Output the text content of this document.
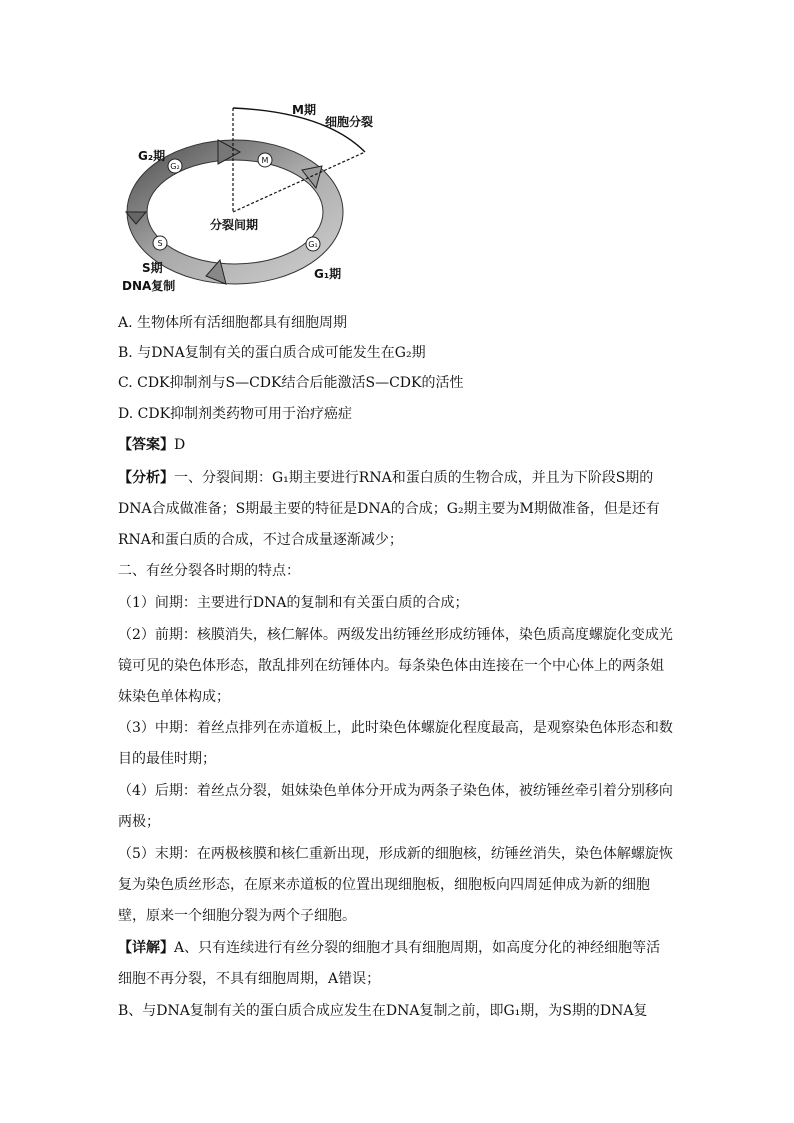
G₂
M
S	G₁
M期
细胞分裂
G₂期
分裂间期
S期
DNA复制
G₁期
A. 生物体所有活细胞都具有细胞周期
B. 与DNA复制有关的蛋白质合成可能发生在G₂期
C. CDK抑制剂与S—CDK结合后能激活S—CDK的活性
D. CDK抑制剂类药物可用于治疗癌症
【答案】D
【分析】一、分裂间期：G₁期主要进行RNA和蛋白质的生物合成，并且为下阶段S期的
DNA合成做准备；S期最主要的特征是DNA的合成；G₂期主要为M期做准备，但是还有
RNA和蛋白质的合成，不过合成量逐渐减少；
二、有丝分裂各时期的特点：
（1）间期：主要进行DNA的复制和有关蛋白质的合成；
（2）前期：核膜消失，核仁解体。两级发出纺锤丝形成纺锤体，染色质高度螺旋化变成光
镜可见的染色体形态，散乱排列在纺锤体内。每条染色体由连接在一个中心体上的两条姐
妹染色单体构成；
（3）中期：着丝点排列在赤道板上，此时染色体螺旋化程度最高，是观察染色体形态和数
目的最佳时期；
（4）后期：着丝点分裂，姐妹染色单体分开成为两条子染色体，被纺锤丝牵引着分别移向
两极；
（5）末期：在两极核膜和核仁重新出现，形成新的细胞核，纺锤丝消失，染色体解螺旋恢
复为染色质丝形态，在原来赤道板的位置出现细胞板，细胞板向四周延伸成为新的细胞
壁，原来一个细胞分裂为两个子细胞。
【详解】A、只有连续进行有丝分裂的细胞才具有细胞周期，如高度分化的神经细胞等活
细胞不再分裂，不具有细胞周期，A错误；
B、与DNA复制有关的蛋白质合成应发生在DNA复制之前，即G₁期，为S期的DNA复
